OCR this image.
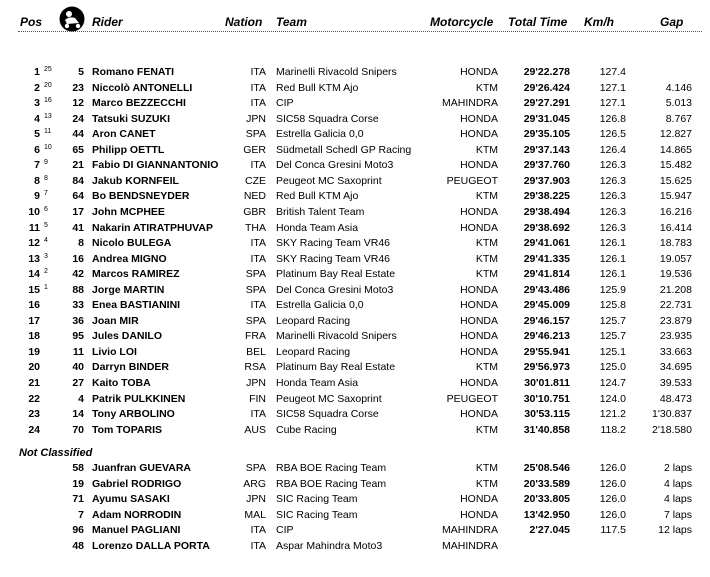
Pos	Rider	Nation Team	Motorcycle Total Time Km/h	Gap
1 25	5 Romano FENATI	ITA Marinelli Rivacold Snipers	HONDA	29'22.278	127.4
2 20	23 Niccolò ANTONELLI	ITA Red Bull KTM Ajo	KTM	29'26.424	127.1	4.146
3 16	12 Marco BEZZECCHI	ITA CIP	MAHINDRA	29'27.291	127.1	5.013
4 13	24 Tatsuki SUZUKI	JPN SIC58 Squadra Corse	HONDA	29'31.045	126.8	8.767
5 11	44 Aron CANET	SPA Estrella Galicia 0,0	HONDA	29'35.105	126.5	12.827
6 10	65 Philipp OETTL	GER Südmetall Schedl GP Racing	KTM	29'37.143	126.4	14.865
7 9	21 Fabio DI GIANNANTONIO	ITA Del Conca Gresini Moto3	HONDA	29'37.760	126.3	15.482
8 8	84 Jakub KORNFEIL	CZE Peugeot MC Saxoprint	PEUGEOT	29'37.903	126.3	15.625
9 7	64 Bo BENDSNEYDER	NED Red Bull KTM Ajo	KTM	29'38.225	126.3	15.947
10 6	17 John MCPHEE	GBR British Talent Team	HONDA	29'38.494	126.3	16.216
11 5	41 Nakarin ATIRATPHUVAP	THA Honda Team Asia	HONDA	29'38.692	126.3	16.414
12 4	8 Nicolo BULEGA	ITA SKY Racing Team VR46	KTM	29'41.061	126.1	18.783
13 3	16 Andrea MIGNO	ITA SKY Racing Team VR46	KTM	29'41.335	126.1	19.057
14 2	42 Marcos RAMIREZ	SPA Platinum Bay Real Estate	KTM	29'41.814	126.1	19.536
15 1	88 Jorge MARTIN	SPA Del Conca Gresini Moto3	HONDA	29'43.486	125.9	21.208
16	33 Enea BASTIANINI	ITA Estrella Galicia 0,0	HONDA	29'45.009	125.8	22.731
17	36 Joan MIR	SPA Leopard Racing	HONDA	29'46.157	125.7	23.879
18	95 Jules DANILO	FRA Marinelli Rivacold Snipers	HONDA	29'46.213	125.7	23.935
19	11 Livio LOI	BEL Leopard Racing	HONDA	29'55.941	125.1	33.663
20	40 Darryn BINDER	RSA Platinum Bay Real Estate	KTM	29'56.973	125.0	34.695
21	27 Kaito TOBA	JPN Honda Team Asia	HONDA	30'01.811	124.7	39.533
22	4 Patrik PULKKINEN	FIN Peugeot MC Saxoprint	PEUGEOT	30'10.751	124.0	48.473
23	14 Tony ARBOLINO	ITA SIC58 Squadra Corse	HONDA	30'53.115	121.2	1'30.837
24	70 Tom TOPARIS	AUS Cube Racing	KTM	31'40.858	118.2	2'18.580
Not Classified
58 Juanfran GUEVARA	SPA RBA BOE Racing Team	KTM	25'08.546	126.0	2 laps
19 Gabriel RODRIGO	ARG RBA BOE Racing Team	KTM	20'33.589	126.0	4 laps
71 Ayumu SASAKI	JPN SIC Racing Team	HONDA	20'33.805	126.0	4 laps
7 Adam NORRODIN	MAL SIC Racing Team	HONDA	13'42.950	126.0	7 laps
96 Manuel PAGLIANI	ITA CIP	MAHINDRA	2'27.045	117.5	12 laps
48 Lorenzo DALLA PORTA	ITA Aspar Mahindra Moto3	MAHINDRA
